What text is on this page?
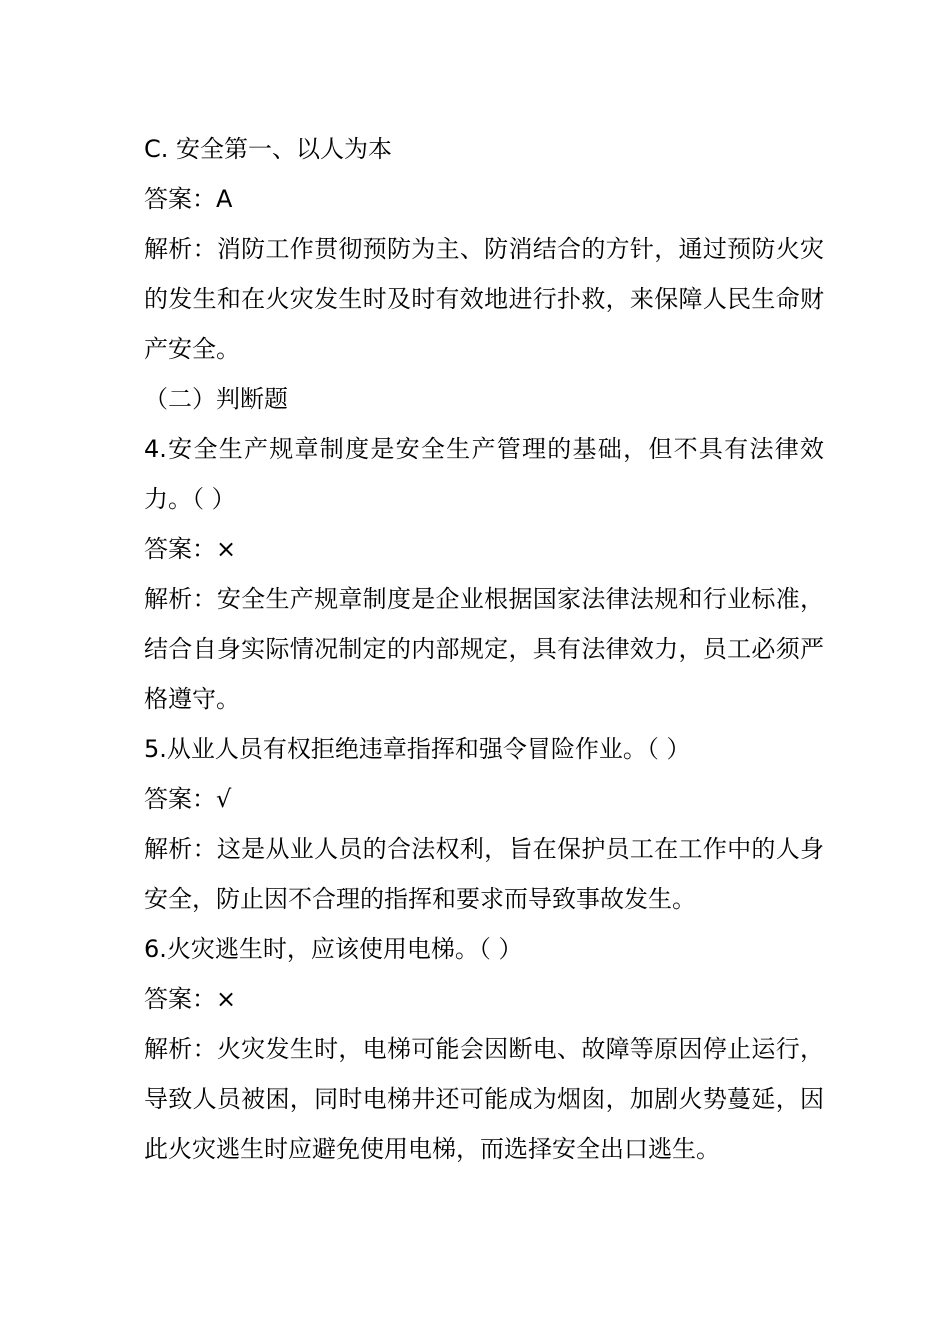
C. 安全第一、以人为本

答案：A

解析：消防工作贯彻预防为主、防消结合的方针，通过预防火灾的发生和在火灾发生时及时有效地进行扑救，来保障人民生命财产安全。

（二）判断题

4.安全生产规章制度是安全生产管理的基础，但不具有法律效力。（ ）

答案：×

解析：安全生产规章制度是企业根据国家法律法规和行业标准，结合自身实际情况制定的内部规定，具有法律效力，员工必须严格遵守。

5.从业人员有权拒绝违章指挥和强令冒险作业。（ ）

答案：√

解析：这是从业人员的合法权利，旨在保护员工在工作中的人身安全，防止因不合理的指挥和要求而导致事故发生。

6.火灾逃生时，应该使用电梯。（ ）

答案：×

解析：火灾发生时，电梯可能会因断电、故障等原因停止运行，导致人员被困，同时电梯井还可能成为烟囱，加剧火势蔓延，因此火灾逃生时应避免使用电梯，而选择安全出口逃生。
